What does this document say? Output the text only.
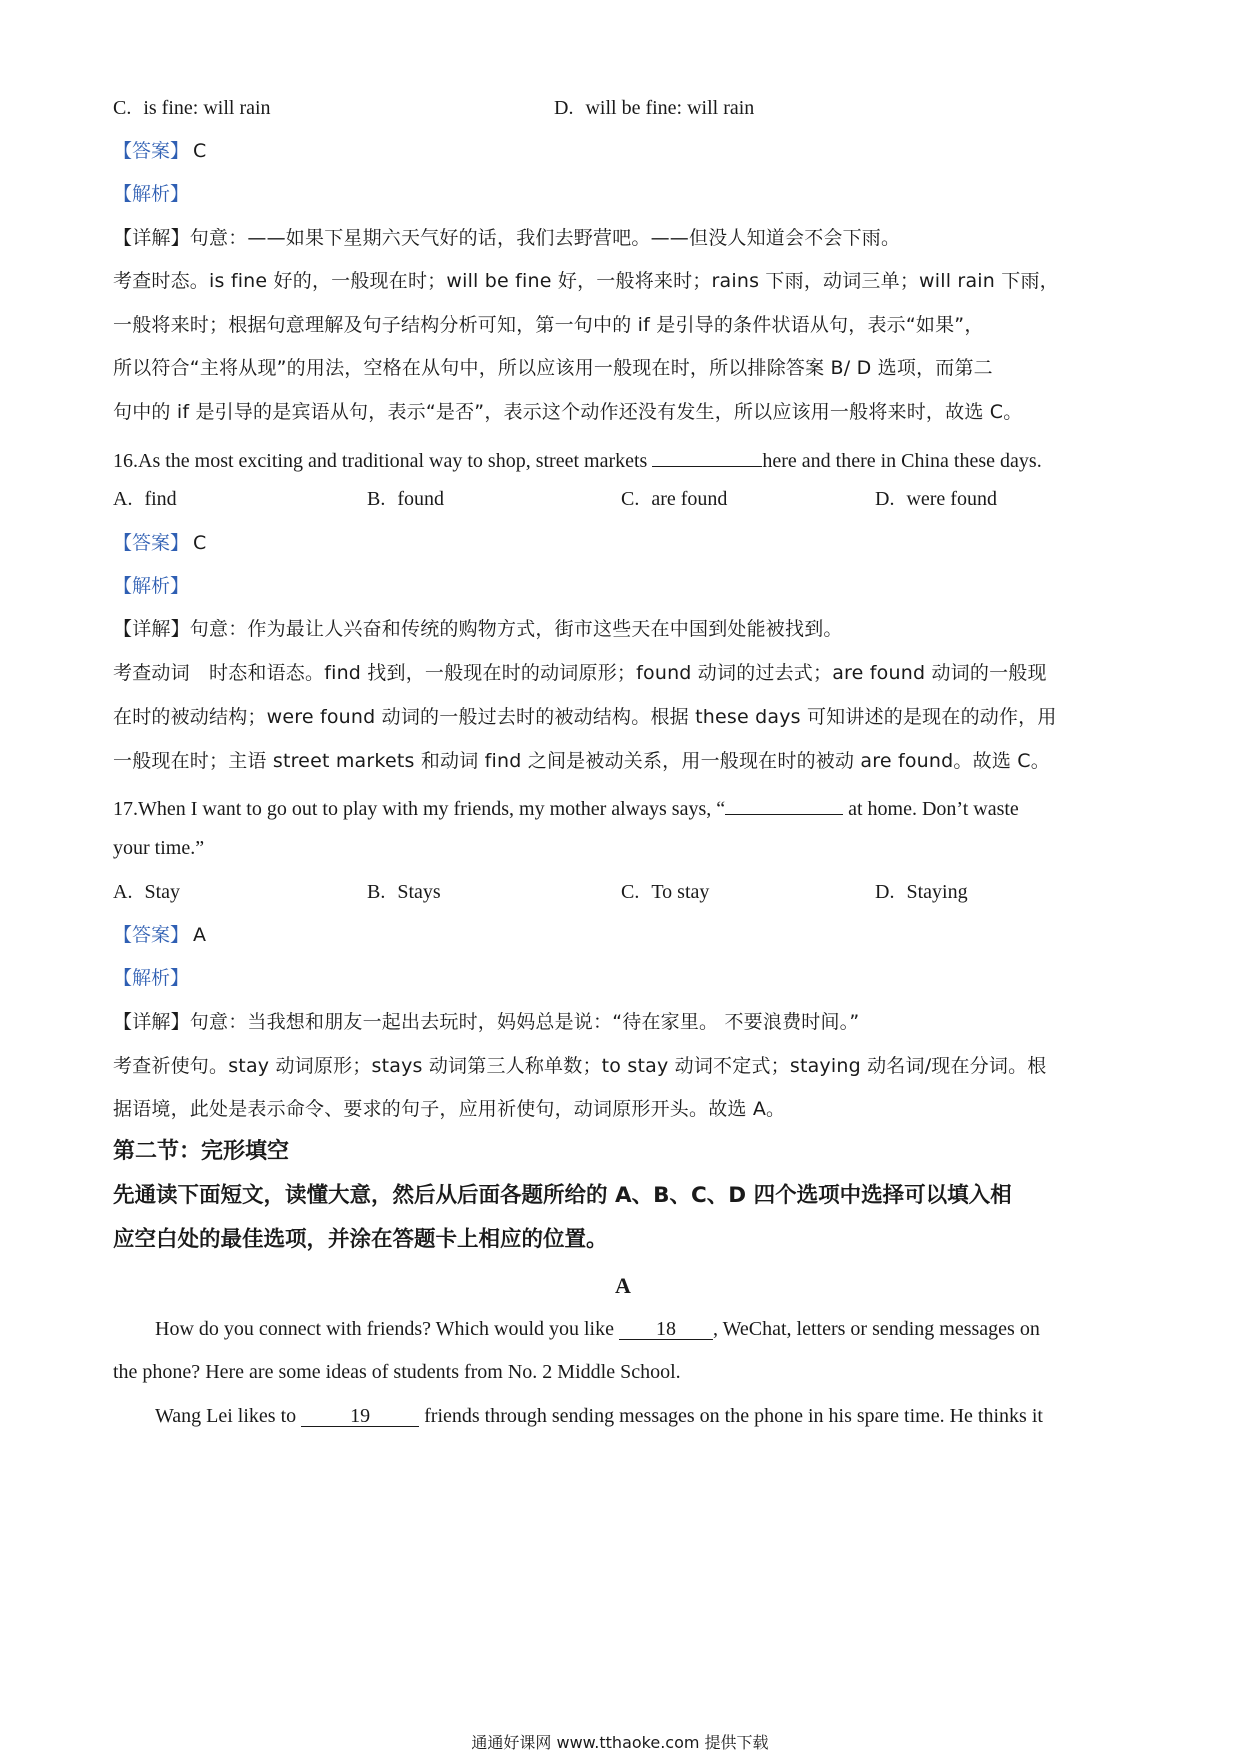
C. is fine: will rain	D. will be fine: will rain
【答案】 C
【解析】
【详解】句意：——如果下星期六天气好的话，我们去野营吧。——但没人知道会不会下雨。
考查时态。is fine 好的，一般现在时；will be fine 好，一般将来时；rains 下雨，动词三单；will rain 下雨，
一般将来时；根据句意理解及句子结构分析可知，第一句中的 if 是引导的条件状语从句，表示“如果”，
所以符合“主将从现”的用法，空格在从句中，所以应该用一般现在时，所以排除答案 B/ D 选项，而第二
句中的 if 是引导的是宾语从句，表示“是否”，表示这个动作还没有发生，所以应该用一般将来时，故选 C。
16.As the most exciting and traditional way to shop, street markets	here and there in China these days.
A. find	B. found	C. are found	D. were found
【答案】 C
【解析】
【详解】句意：作为最让人兴奋和传统的购物方式，街市这些天在中国到处能被找到。
考查动词　时态和语态。find 找到，一般现在时的动词原形；found 动词的过去式；are found 动词的一般现
在时的被动结构；were found 动词的一般过去时的被动结构。根据 these days 可知讲述的是现在的动作，用
一般现在时；主语 street markets 和动词 find 之间是被动关系，用一般现在时的被动 are found。故选 C。
17.When I want to go out to play with my friends, my mother always says, “	at home. Don’t waste
your time.”
A. Stay	B. Stays	C. To stay	D. Staying
【答案】 A
【解析】
【详解】句意：当我想和朋友一起出去玩时，妈妈总是说：“待在家里。 不要浪费时间。”
考查祈使句。stay 动词原形；stays 动词第三人称单数；to stay 动词不定式；staying 动名词/现在分词。根
据语境，此处是表示命令、要求的句子，应用祈使句，动词原形开头。故选 A。
第二节：完形填空
先通读下面短文，读懂大意，然后从后面各题所给的 A、B、C、D 四个选项中选择可以填入相
应空白处的最佳选项，并涂在答题卡上相应的位置。
A
How do you connect with friends? Which would you like 18 , WeChat, letters or sending messages on
the phone? Here are some ideas of students from No. 2 Middle School.
Wang Lei likes to 19 friends through sending messages on the phone in his spare time. He thinks it
通通好课网 www.tthaoke.com 提供下载
